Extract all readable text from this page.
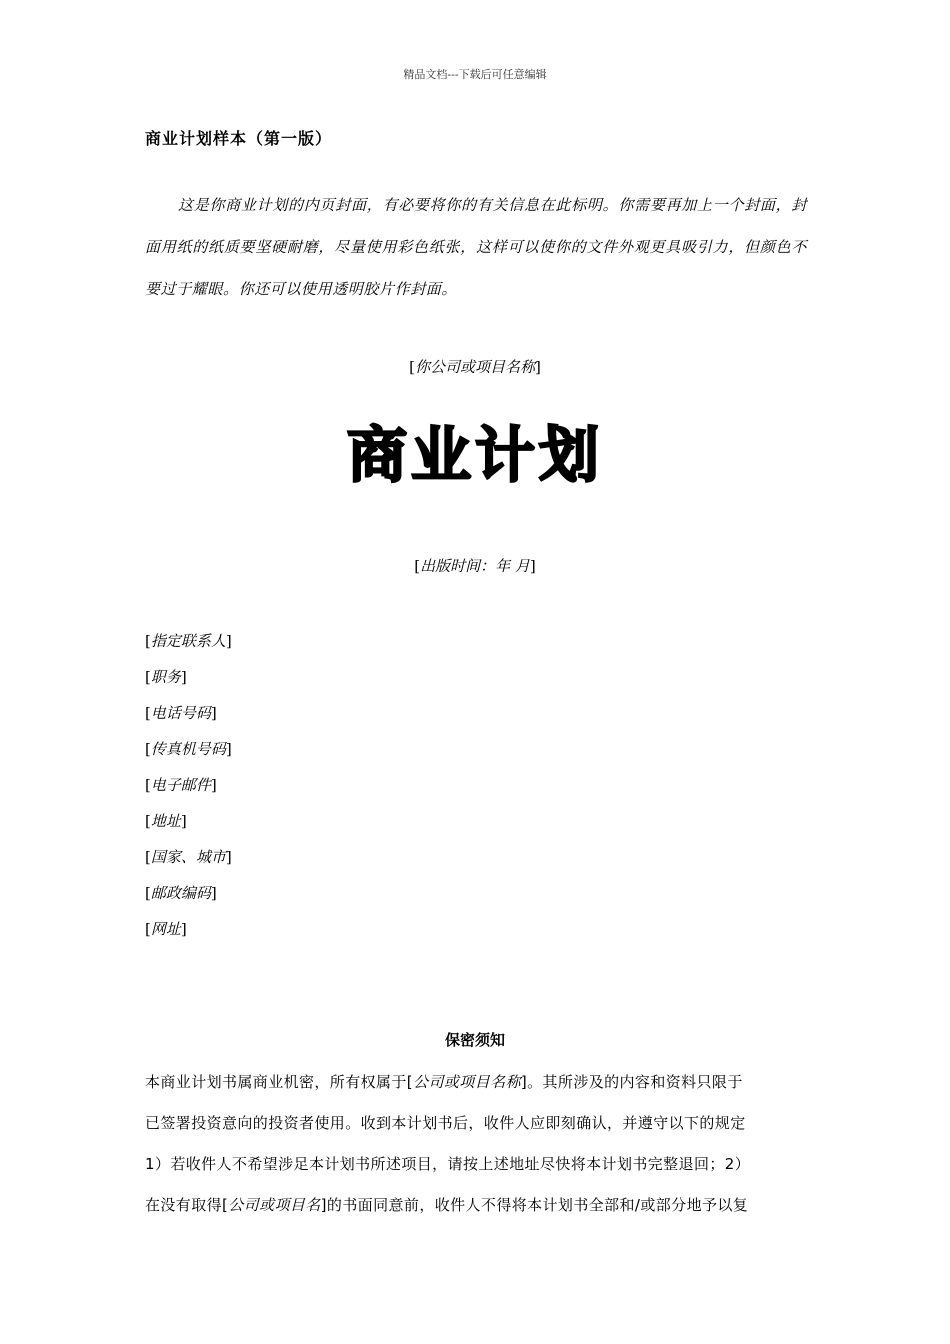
精品文档---下载后可任意编辑
商业计划样本（第一版）
这是你商业计划的内页封面，有必要将你的有关信息在此标明。你需要再加上一个封面，封面用纸的纸质要坚硬耐磨，尽量使用彩色纸张，这样可以使你的文件外观更具吸引力，但颜色不要过于耀眼。你还可以使用透明胶片作封面。
[你公司或项目名称]
商业计划
[出版时间：年 月]
[指定联系人]
[职务]
[电话号码]
[传真机号码]
[电子邮件]
[地址]
[国家、城市]
[邮政编码]
[网址]
保密须知
本商业计划书属商业机密，所有权属于[公司或项目名称]。其所涉及的内容和资料只限于
已签署投资意向的投资者使用。收到本计划书后，收件人应即刻确认，并遵守以下的规定
1）若收件人不希望涉足本计划书所述项目，请按上述地址尽快将本计划书完整退回；2）
在没有取得[公司或项目名]的书面同意前，收件人不得将本计划书全部和/或部分地予以复
